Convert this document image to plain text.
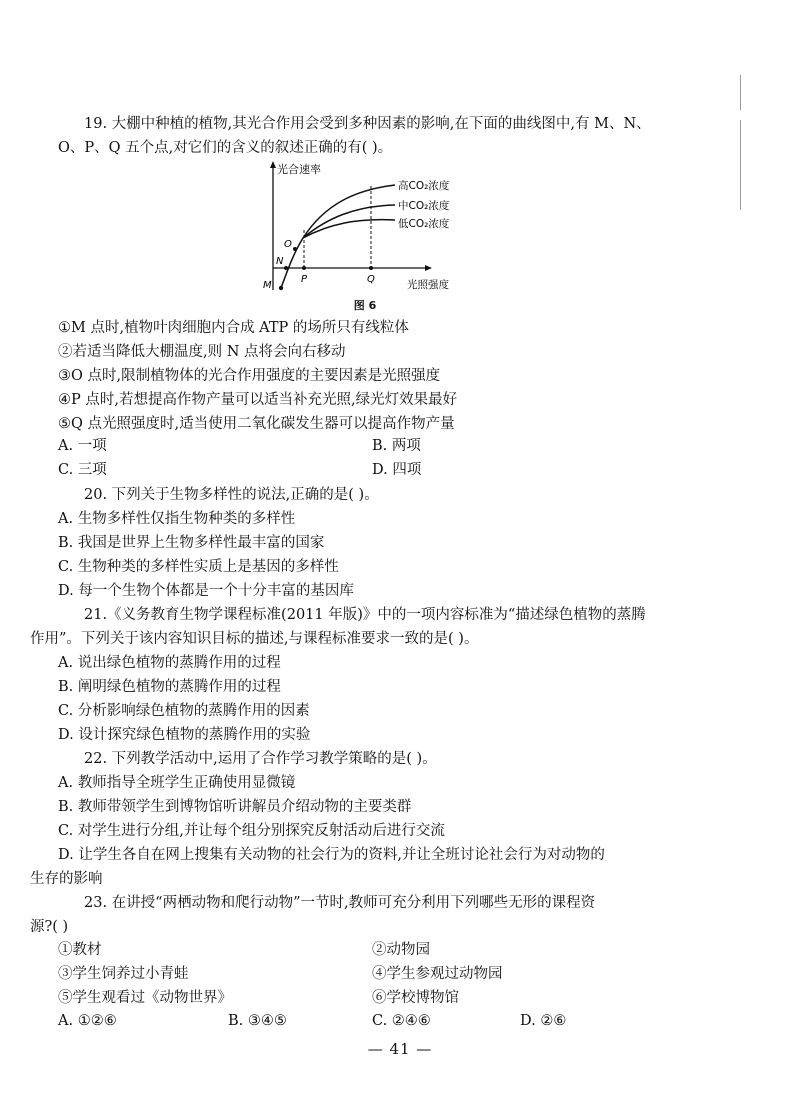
19. 大棚中种植的植物,其光合作用会受到多种因素的影响,在下面的曲线图中,有 M、N、
O、P、Q 五个点,对它们的含义的叙述正确的有( )。
光合速率
光照强度
高CO₂浓度
中CO₂浓度
低CO₂浓度
M
N
O
P	Q
图 6
①M 点时,植物叶肉细胞内合成 ATP 的场所只有线粒体
②若适当降低大棚温度,则 N 点将会向右移动
③O 点时,限制植物体的光合作用强度的主要因素是光照强度
④P 点时,若想提高作物产量可以适当补充光照,绿光灯效果最好
⑤Q 点光照强度时,适当使用二氧化碳发生器可以提高作物产量
A. 一项	B. 两项
C. 三项	D. 四项
20. 下列关于生物多样性的说法,正确的是( )。
A. 生物多样性仅指生物种类的多样性
B. 我国是世界上生物多样性最丰富的国家
C. 生物种类的多样性实质上是基因的多样性
D. 每一个生物个体都是一个十分丰富的基因库
21.《义务教育生物学课程标准(2011 年版)》中的一项内容标准为“描述绿色植物的蒸腾
作用”。下列关于该内容知识目标的描述,与课程标准要求一致的是( )。
A. 说出绿色植物的蒸腾作用的过程
B. 阐明绿色植物的蒸腾作用的过程
C. 分析影响绿色植物的蒸腾作用的因素
D. 设计探究绿色植物的蒸腾作用的实验
22. 下列教学活动中,运用了合作学习教学策略的是( )。
A. 教师指导全班学生正确使用显微镜
B. 教师带领学生到博物馆听讲解员介绍动物的主要类群
C. 对学生进行分组,并让每个组分别探究反射活动后进行交流
D. 让学生各自在网上搜集有关动物的社会行为的资料,并让全班讨论社会行为对动物的
生存的影响
23. 在讲授“两栖动物和爬行动物”一节时,教师可充分利用下列哪些无形的课程资
源?( )
①教材	②动物园
③学生饲养过小青蛙	④学生参观过动物园
⑤学生观看过《动物世界》	⑥学校博物馆
A. ①②⑥	B. ③④⑤	C. ②④⑥	D. ②⑥
— 41 —
